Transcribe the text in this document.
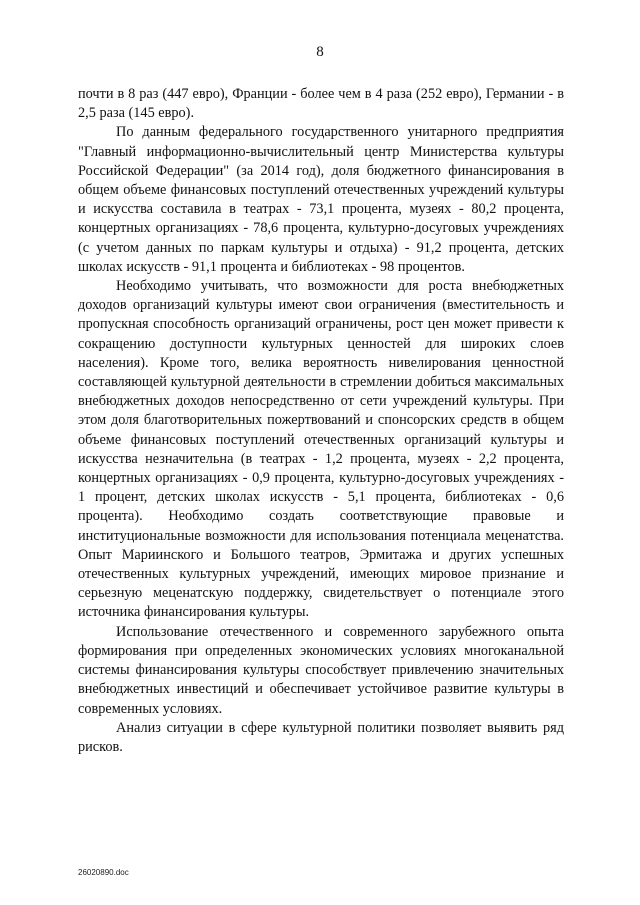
8

почти в 8 раз (447 евро), Франции - более чем в 4 раза (252 евро), Германии - в 2,5 раза (145 евро).

По данным федерального государственного унитарного предприятия "Главный информационно-вычислительный центр Министерства культуры Российской Федерации" (за 2014 год), доля бюджетного финансирования в общем объеме финансовых поступлений отечественных учреждений культуры и искусства составила в театрах - 73,1 процента, музеях - 80,2 процента, концертных организациях - 78,6 процента, культурно-досуговых учреждениях (с учетом данных по паркам культуры и отдыха) - 91,2 процента, детских школах искусств - 91,1 процента и библиотеках - 98 процентов.

Необходимо учитывать, что возможности для роста внебюджетных доходов организаций культуры имеют свои ограничения (вместительность и пропускная способность организаций ограничены, рост цен может привести к сокращению доступности культурных ценностей для широких слоев населения). Кроме того, велика вероятность нивелирования ценностной составляющей культурной деятельности в стремлении добиться максимальных внебюджетных доходов непосредственно от сети учреждений культуры. При этом доля благотворительных пожертвований и спонсорских средств в общем объеме финансовых поступлений отечественных организаций культуры и искусства незначительна (в театрах - 1,2 процента, музеях - 2,2 процента, концертных организациях - 0,9 процента, культурно-досуговых учреждениях - 1 процент, детских школах искусств - 5,1 процента, библиотеках - 0,6 процента). Необходимо создать соответствующие правовые и институциональные возможности для использования потенциала меценатства. Опыт Мариинского и Большого театров, Эрмитажа и других успешных отечественных культурных учреждений, имеющих мировое признание и серьезную меценатскую поддержку, свидетельствует о потенциале этого источника финансирования культуры.

Использование отечественного и современного зарубежного опыта формирования при определенных экономических условиях многоканальной системы финансирования культуры способствует привлечению значительных внебюджетных инвестиций и обеспечивает устойчивое развитие культуры в современных условиях.

Анализ ситуации в сфере культурной политики позволяет выявить ряд рисков.

26020890.doc
